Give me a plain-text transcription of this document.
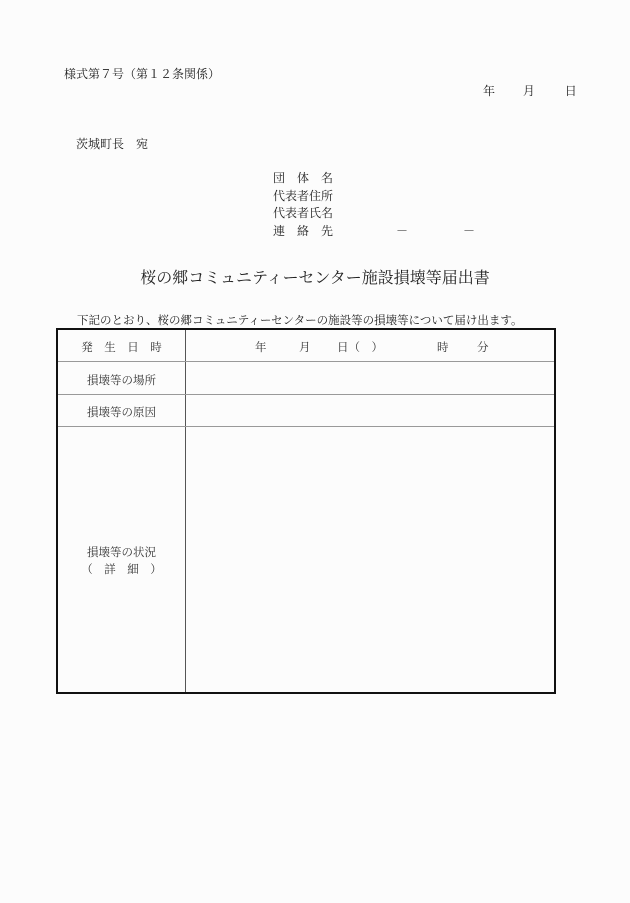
様式第７号（第１２条関係）
年 月 日
茨城町長　宛
団　体　名
代表者住所
代表者氏名
連　絡　先	－	－
桜の郷コミュニティーセンター施設損壊等届出書
下記のとおり、桜の郷コミュニティーセンターの施設等の損壊等について届け出ます。
発　生　日　時	年	月 日（　）	時 分
損壊等の場所
損壊等の原因
損壊等の状況
（　詳　細　）
